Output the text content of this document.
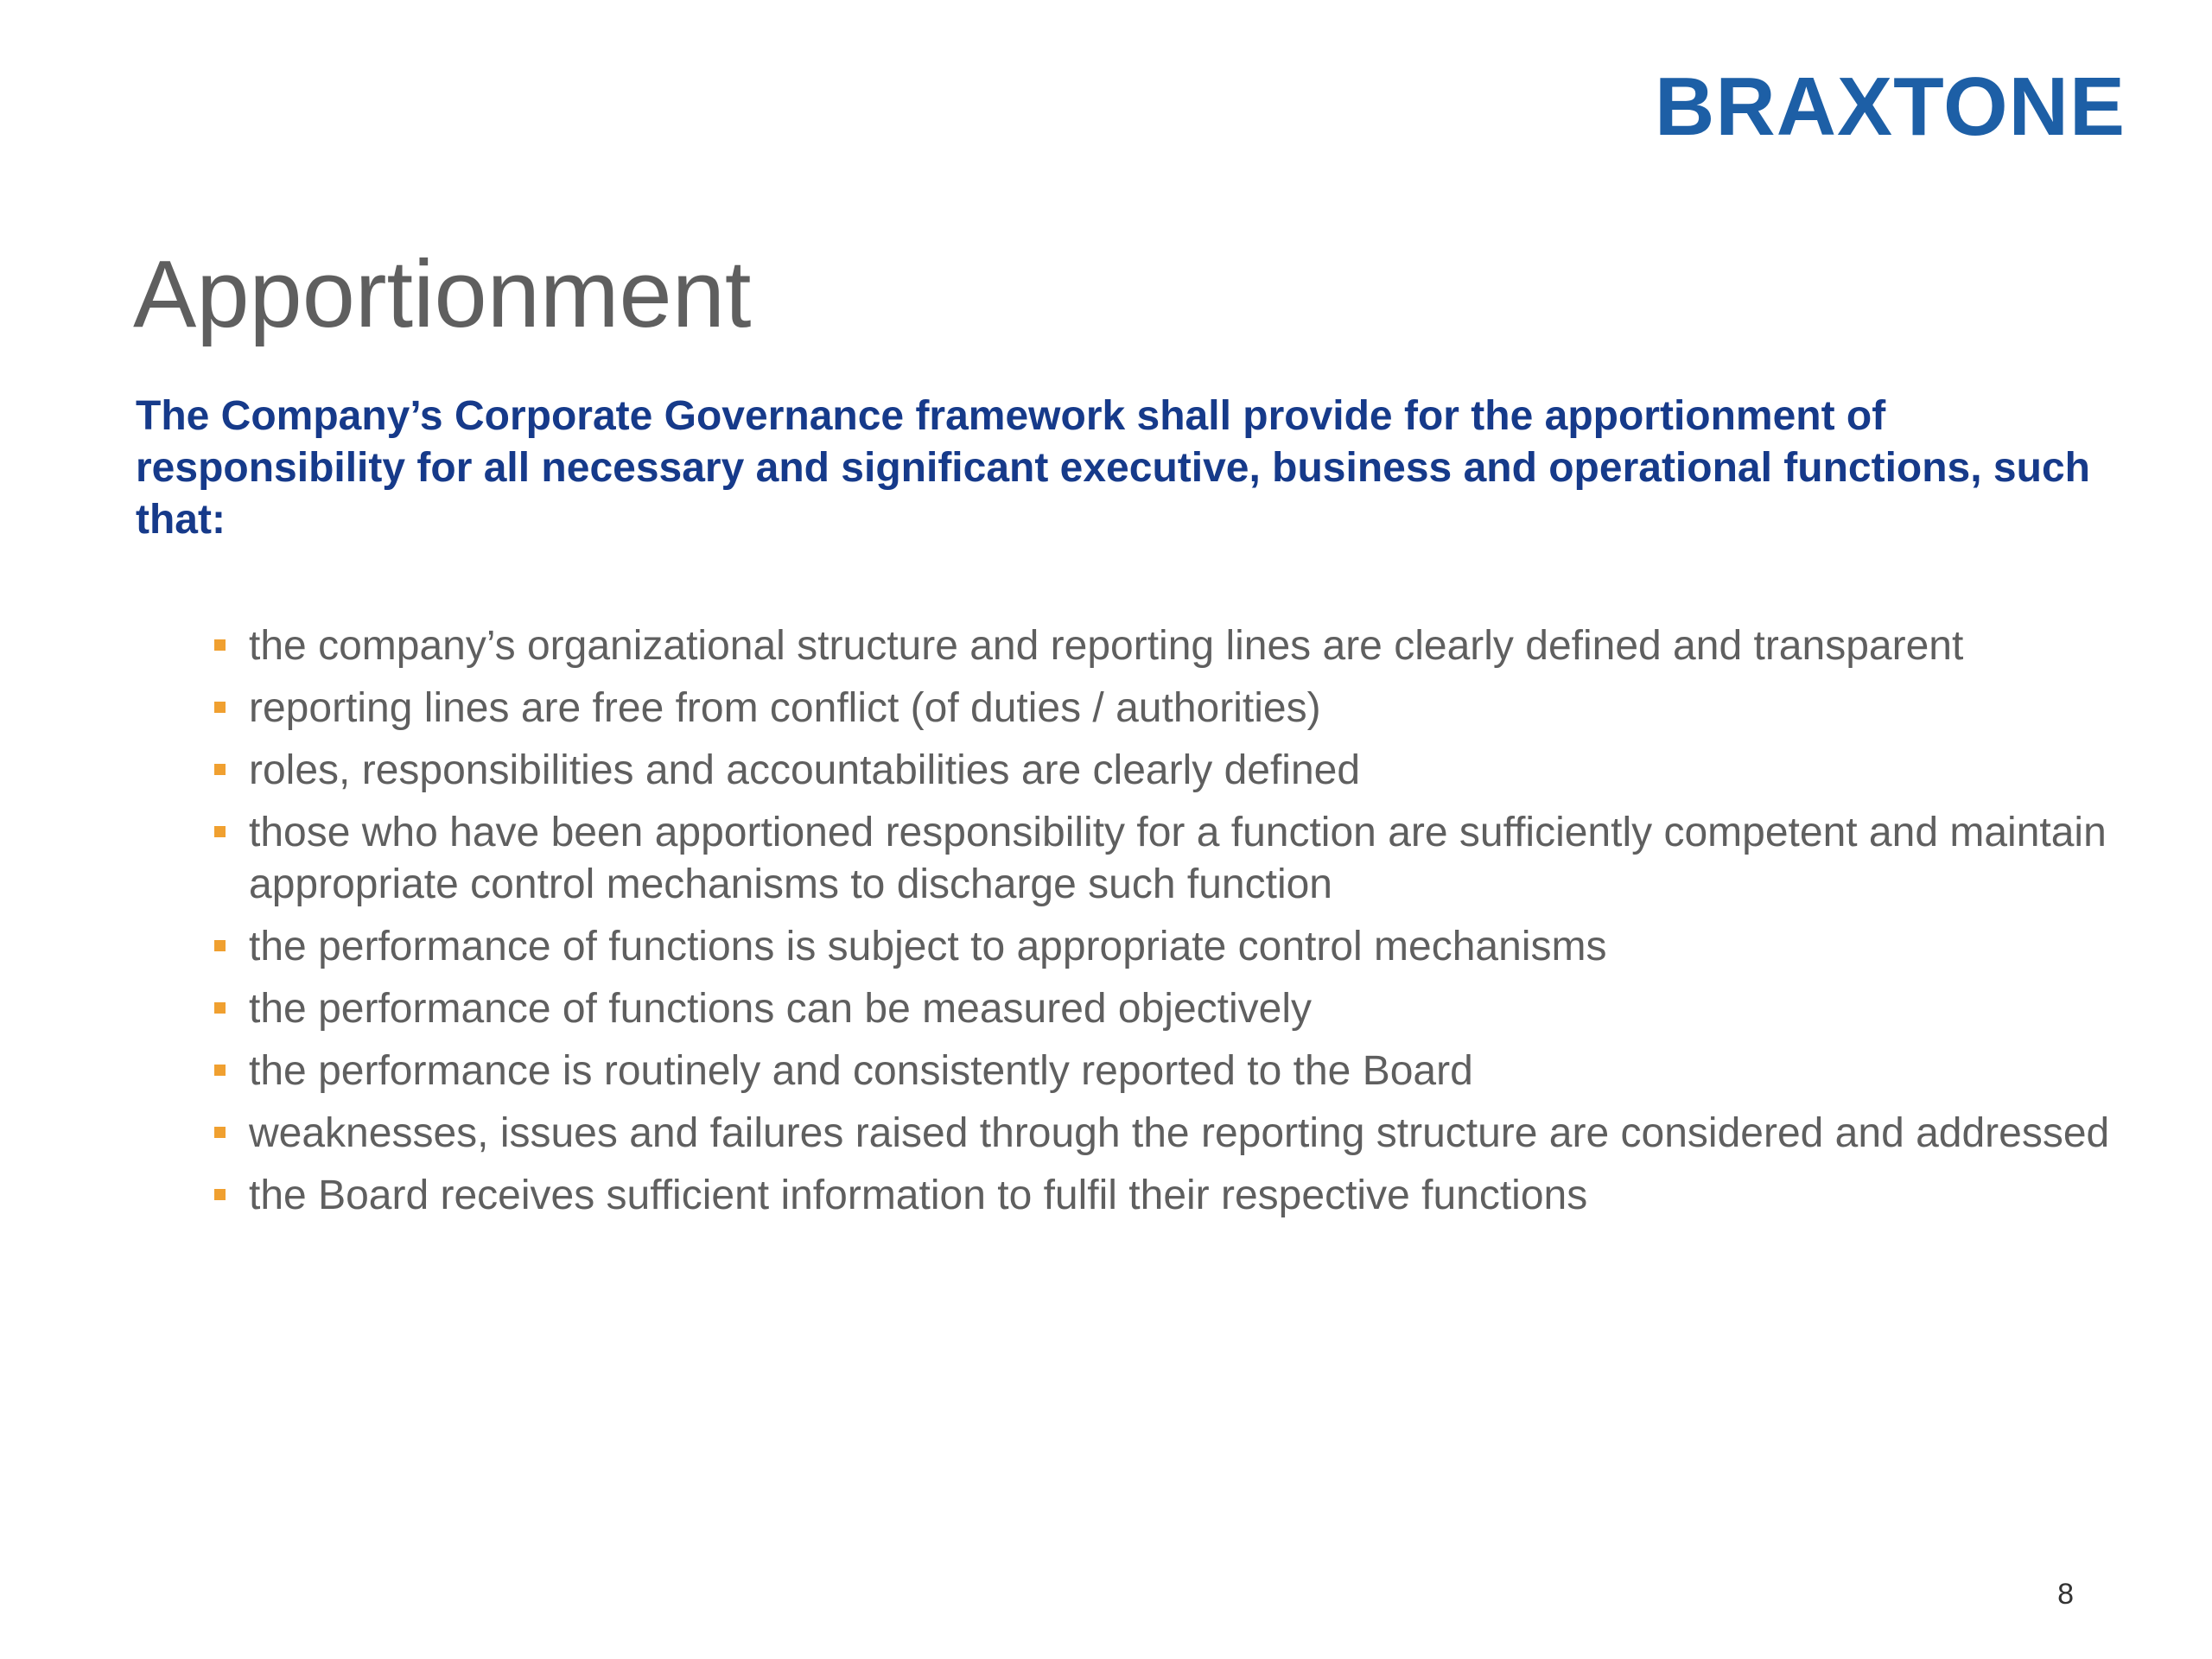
BRAXTONE
Apportionment
The Company’s Corporate Governance framework shall provide for the apportionment of responsibility for all necessary and significant executive, business and operational functions, such that:
the company’s organizational structure and reporting lines are clearly defined and transparent
reporting lines are free from conflict (of duties / authorities)
roles, responsibilities and accountabilities are clearly defined
those who have been apportioned responsibility for a function are sufficiently competent and maintain appropriate control mechanisms to discharge such function
the performance of functions is subject to appropriate control mechanisms
the performance of functions can be measured objectively
the performance is routinely and consistently reported to the Board
weaknesses, issues and failures raised through the reporting structure are considered and addressed
the Board receives sufficient information to fulfil their respective functions
8
